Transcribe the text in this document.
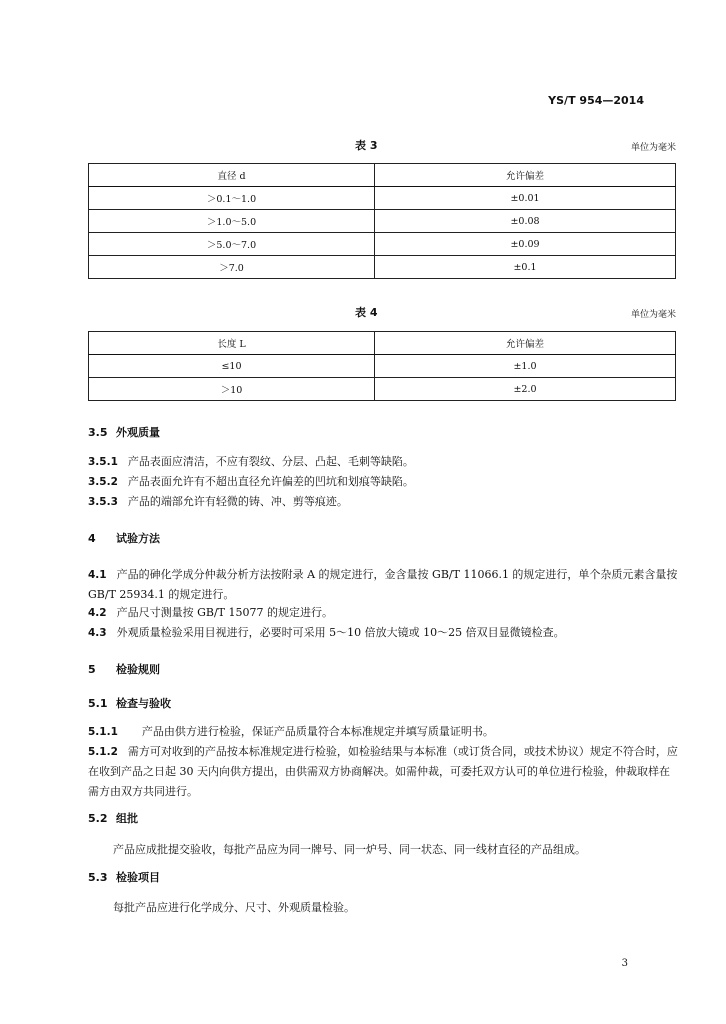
YS/T 954—2014
表 3	单位为毫米
直径 d	允许偏差
＞0.1～1.0	±0.01
＞1.0～5.0	±0.08
＞5.0～7.0	±0.09
＞7.0	±0.1
表 4	单位为毫米
长度 L	允许偏差
≤10	±1.0
＞10	±2.0
3.5 外观质量
3.5.1 产品表面应清洁，不应有裂纹、分层、凸起、毛刺等缺陷。
3.5.2 产品表面允许有不超出直径允许偏差的凹坑和划痕等缺陷。
3.5.3 产品的端部允许有轻微的铸、冲、剪等痕迹。
4 试验方法
4.1 产品的砷化学成分仲裁分析方法按附录 A 的规定进行，金含量按 GB/T 11066.1 的规定进行，单个杂质元素含量按 GB/T 25934.1 的规定进行。
4.2 产品尺寸测量按 GB/T 15077 的规定进行。
4.3 外观质量检验采用目视进行，必要时可采用 5～10 倍放大镜或 10～25 倍双目显微镜检查。
5 检验规则
5.1 检查与验收
5.1.1 产品由供方进行检验，保证产品质量符合本标准规定并填写质量证明书。
5.1.2 需方可对收到的产品按本标准规定进行检验，如检验结果与本标准（或订货合同，或技术协议）规定不符合时，应在收到产品之日起 30 天内向供方提出，由供需双方协商解决。如需仲裁，可委托双方认可的单位进行检验，仲裁取样在需方由双方共同进行。
5.2 组批
产品应成批提交验收，每批产品应为同一牌号、同一炉号、同一状态、同一线材直径的产品组成。
5.3 检验项目
每批产品应进行化学成分、尺寸、外观质量检验。
3
